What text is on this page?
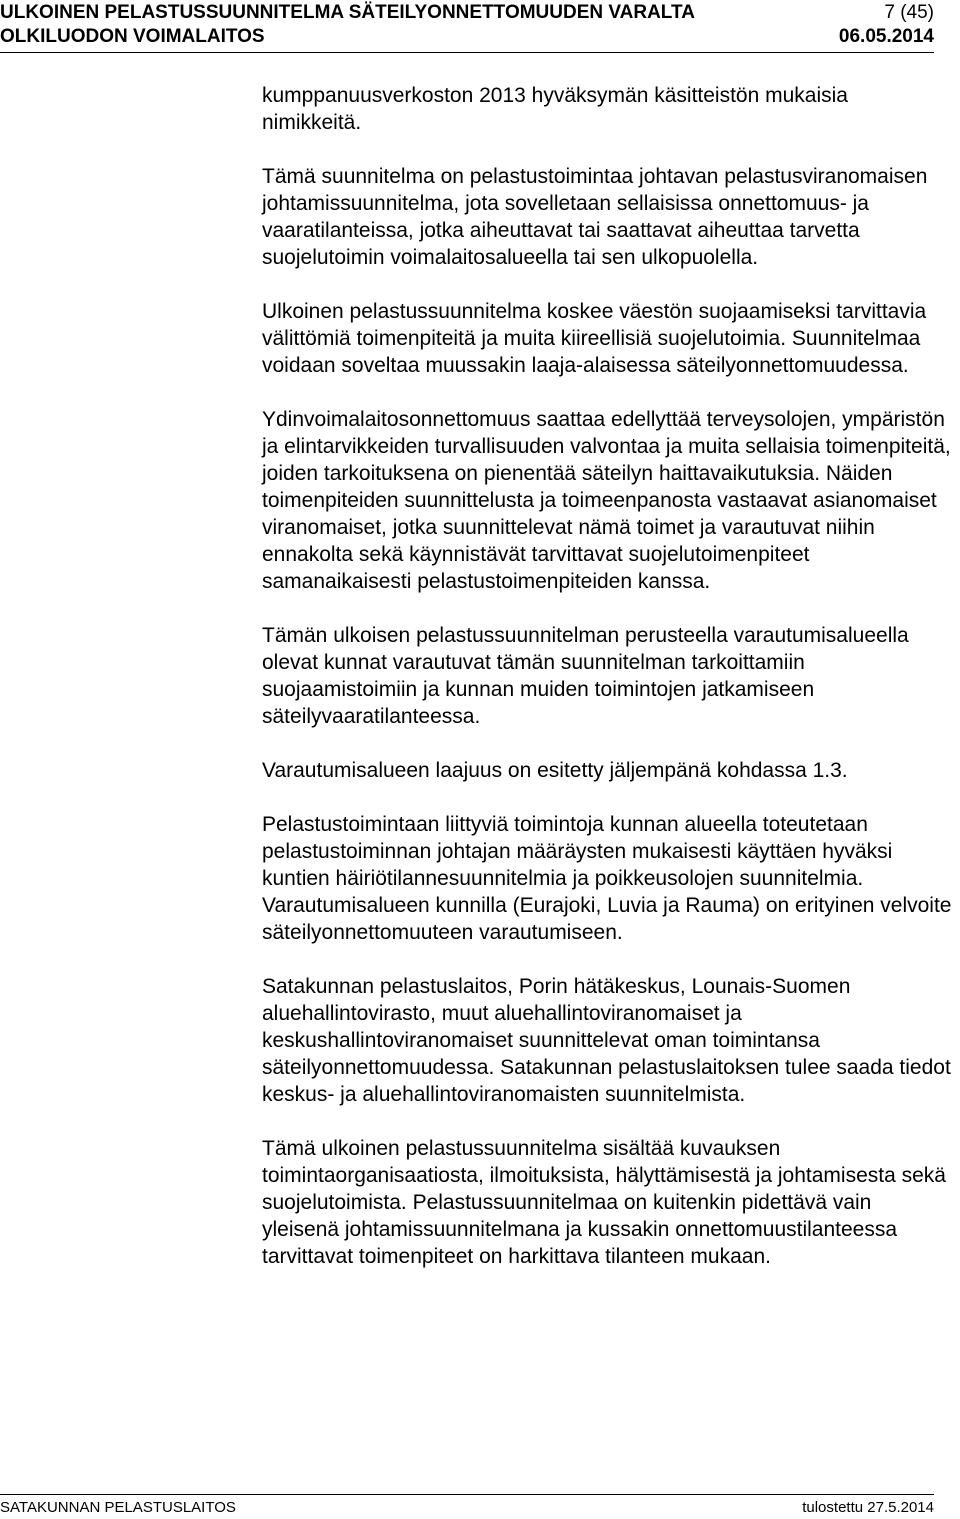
ULKOINEN PELASTUSSUUNNITELMA SÄTEILYONNETTOMUUDEN VARALTA	7 (45)
OLKILUODON VOIMALAITOS	06.05.2014

kumppanuusverkoston 2013 hyväksymän käsitteistön mukaisia nimikkeitä.

Tämä suunnitelma on pelastustoimintaa johtavan pelastusviranomaisen johtamissuunnitelma, jota sovelletaan sellaisissa onnettomuus- ja vaaratilanteissa, jotka aiheuttavat tai saattavat aiheuttaa tarvetta suojelutoimin voimalaitosalueella tai sen ulkopuolella.

Ulkoinen pelastussuunnitelma koskee väestön suojaamiseksi tarvittavia välittömiä toimenpiteitä ja muita kiireellisiä suojelutoimia. Suunnitelmaa voidaan soveltaa muussakin laaja-alaisessa säteilyonnettomuudessa.

Ydinvoimalaitosonnettomuus saattaa edellyttää terveysolojen, ympäristön ja elintarvikkeiden turvallisuuden valvontaa ja muita sellaisia toimenpiteitä, joiden tarkoituksena on pienentää säteilyn haittavaikutuksia. Näiden toimenpiteiden suunnittelusta ja toimeenpanosta vastaavat asianomaiset viranomaiset, jotka suunnittelevat nämä toimet ja varautuvat niihin ennakolta sekä käynnistävät tarvittavat suojelutoimenpiteet samanaikaisesti pelastustoimenpiteiden kanssa.

Tämän ulkoisen pelastussuunnitelman perusteella varautumisalueella olevat kunnat varautuvat tämän suunnitelman tarkoittamiin suojaamistoimiin ja kunnan muiden toimintojen jatkamiseen säteilyvaaratilanteessa.

Varautumisalueen laajuus on esitetty jäljempänä kohdassa 1.3.

Pelastustoimintaan liittyviä toimintoja kunnan alueella toteutetaan pelastustoiminnan johtajan määräysten mukaisesti käyttäen hyväksi kuntien häiriötilannesuunnitelmia ja poikkeusolojen suunnitelmia. Varautumisalueen kunnilla (Eurajoki, Luvia ja Rauma) on erityinen velvoite säteilyonnettomuuteen varautumiseen.

Satakunnan pelastuslaitos, Porin hätäkeskus, Lounais-Suomen aluehallintovirasto, muut aluehallintoviranomaiset ja keskushallintoviranomaiset suunnittelevat oman toimintansa säteilyonnettomuudessa. Satakunnan pelastuslaitoksen tulee saada tiedot keskus- ja aluehallintoviranomaisten suunnitelmista.

Tämä ulkoinen pelastussuunnitelma sisältää kuvauksen toimintaorganisaatiosta, ilmoituksista, hälyttämisestä ja johtamisesta sekä suojelutoimista. Pelastussuunnitelmaa on kuitenkin pidettävä vain yleisenä johtamissuunnitelmana ja kussakin onnettomuustilanteessa tarvittavat toimenpiteet on harkittava tilanteen mukaan.

SATAKUNNAN PELASTUSLAITOS	tulostettu 27.5.2014
